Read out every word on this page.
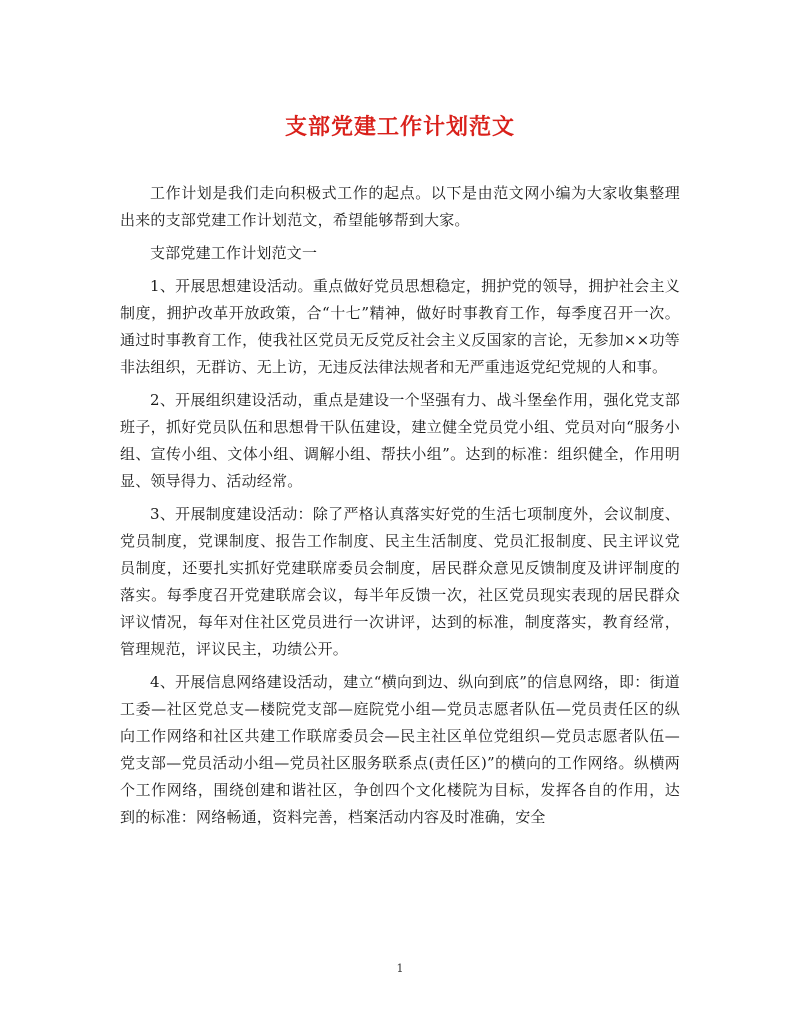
支部党建工作计划范文

工作计划是我们走向积极式工作的起点。以下是由范文网小编为大家收集整理出来的支部党建工作计划范文，希望能够帮到大家。

支部党建工作计划范文一

1、开展思想建设活动。重点做好党员思想稳定，拥护党的领导，拥护社会主义制度，拥护改革开放政策，合“十七”精神，做好时事教育工作，每季度召开一次。通过时事教育工作，使我社区党员无反党反社会主义反国家的言论，无参加××功等非法组织，无群访、无上访，无违反法律法规者和无严重违返党纪党规的人和事。

2、开展组织建设活动，重点是建设一个坚强有力、战斗堡垒作用，强化党支部班子，抓好党员队伍和思想骨干队伍建设，建立健全党员党小组、党员对向“服务小组、宣传小组、文体小组、调解小组、帮扶小组”。达到的标准：组织健全，作用明显、领导得力、活动经常。

3、开展制度建设活动：除了严格认真落实好党的生活七项制度外，会议制度、党员制度，党课制度、报告工作制度、民主生活制度、党员汇报制度、民主评议党员制度，还要扎实抓好党建联席委员会制度，居民群众意见反馈制度及讲评制度的落实。每季度召开党建联席会议，每半年反馈一次，社区党员现实表现的居民群众评议情况，每年对住社区党员进行一次讲评，达到的标准，制度落实，教育经常，管理规范，评议民主，功绩公开。

4、开展信息网络建设活动，建立“横向到边、纵向到底”的信息网络，即：街道工委—社区党总支—楼院党支部—庭院党小组—党员志愿者队伍—党员责任区的纵向工作网络和社区共建工作联席委员会—民主社区单位党组织—党员志愿者队伍—党支部—党员活动小组—党员社区服务联系点(责任区)”的横向的工作网络。纵横两个工作网络，围绕创建和谐社区，争创四个文化楼院为目标，发挥各自的作用，达到的标准：网络畅通，资料完善，档案活动内容及时准确，安全

1
